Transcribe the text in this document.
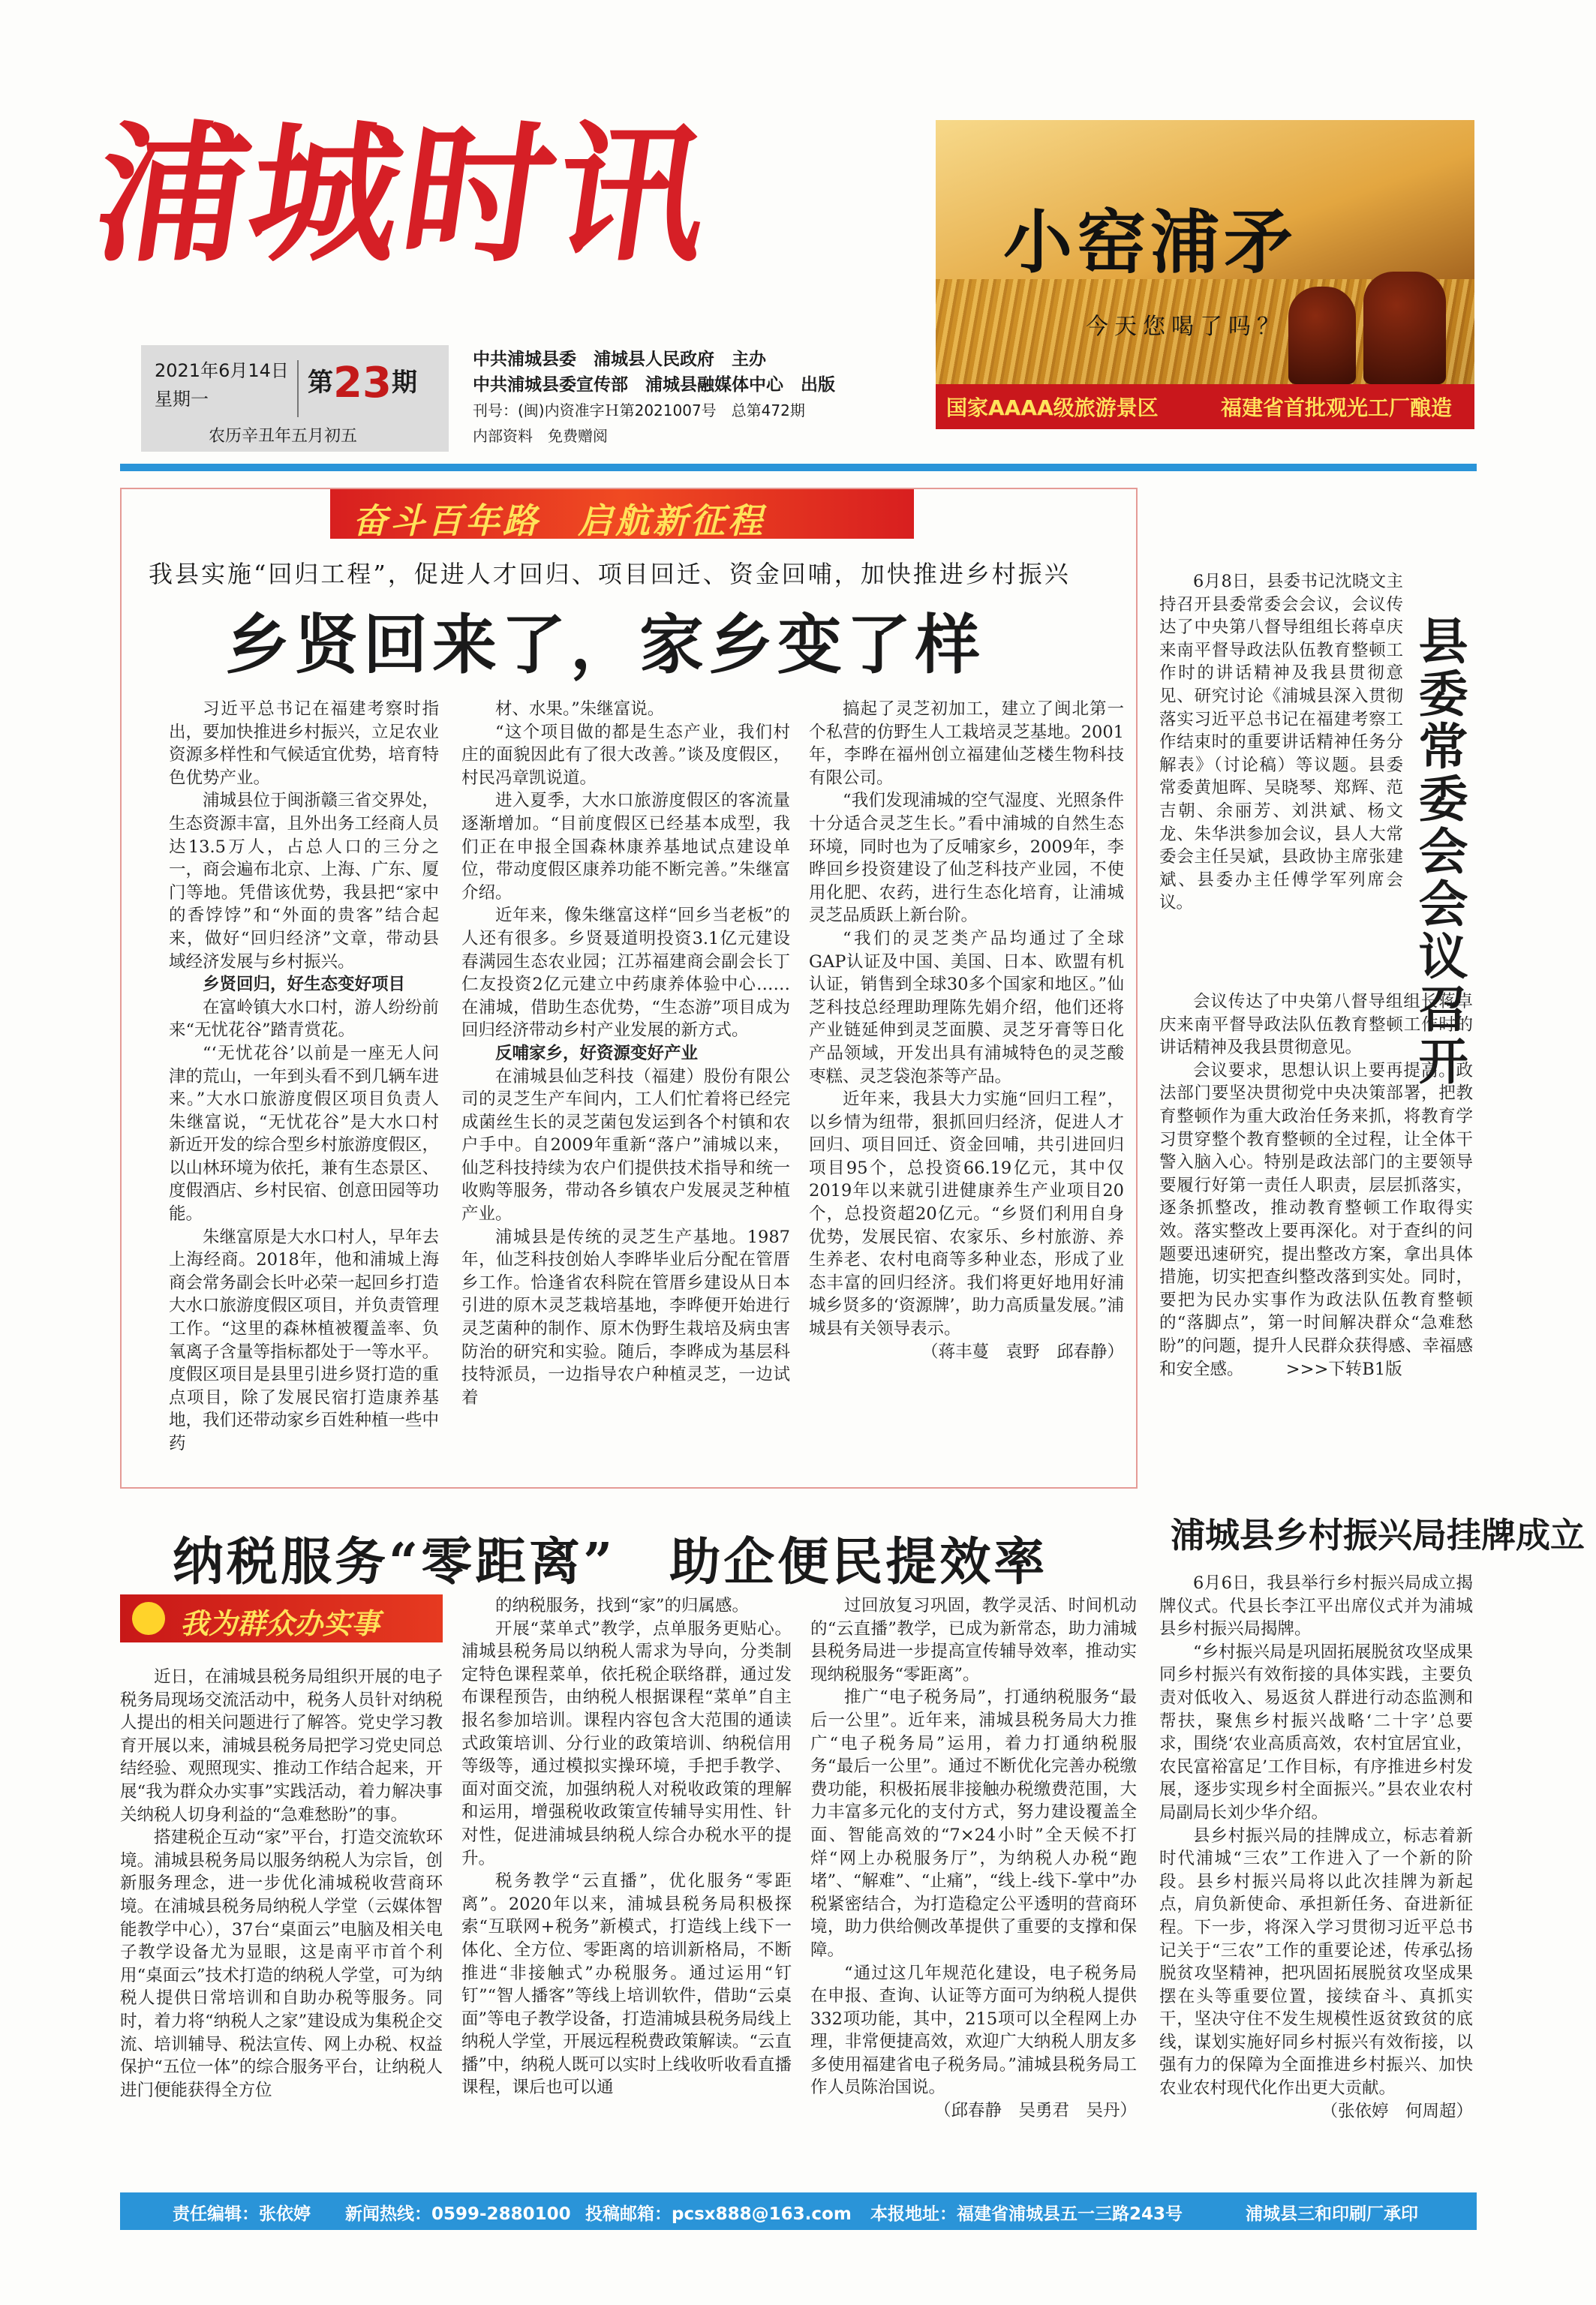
浦城时讯
2021年6月14日
星期一
第23期
农历辛丑年五月初五
中共浦城县委　浦城县人民政府　主办
中共浦城县委宣传部　浦城县融媒体中心　出版
刊号：(闽)内资准字Ｈ第2021007号　总第472期
内部资料　免费赠阅
小窑浦矛
今天您喝了吗？
国家AAAA级旅游景区	福建省首批观光工厂酿造
奋斗百年路　启航新征程
我县实施“回归工程”，促进人才回归、项目回迁、资金回哺，加快推进乡村振兴
乡贤回来了，家乡变了样

习近平总书记在福建考察时指出，要加快推进乡村振兴，立足农业资源多样性和气候适宜优势，培育特色优势产业。

浦城县位于闽浙赣三省交界处，生态资源丰富，且外出务工经商人员达13.5万人，占总人口的三分之一，商会遍布北京、上海、广东、厦门等地。凭借该优势，我县把“家中的香饽饽”和“外面的贵客”结合起来，做好“回归经济”文章，带动县域经济发展与乡村振兴。

乡贤回归，好生态变好项目

在富岭镇大水口村，游人纷纷前来“无忧花谷”踏青赏花。

“‘无忧花谷’以前是一座无人问津的荒山，一年到头看不到几辆车进来。”大水口旅游度假区项目负责人朱继富说，“无忧花谷”是大水口村新近开发的综合型乡村旅游度假区，以山林环境为依托，兼有生态景区、度假酒店、乡村民宿、创意田园等功能。

朱继富原是大水口村人，早年去上海经商。2018年，他和浦城上海商会常务副会长叶必荣一起回乡打造大水口旅游度假区项目，并负责管理工作。“这里的森林植被覆盖率、负氧离子含量等指标都处于一等水平。度假区项目是县里引进乡贤打造的重点项目，除了发展民宿打造康养基地，我们还带动家乡百姓种植一些中药

材、水果。”朱继富说。

“这个项目做的都是生态产业，我们村庄的面貌因此有了很大改善。”谈及度假区，村民冯章凯说道。

进入夏季，大水口旅游度假区的客流量逐渐增加。“目前度假区已经基本成型，我们正在申报全国森林康养基地试点建设单位，带动度假区康养功能不断完善。”朱继富介绍。

近年来，像朱继富这样“回乡当老板”的人还有很多。乡贤聂道明投资3.1亿元建设春满园生态农业园；江苏福建商会副会长丁仁友投资2亿元建立中药康养体验中心……在浦城，借助生态优势，“生态游”项目成为回归经济带动乡村产业发展的新方式。

反哺家乡，好资源变好产业

在浦城县仙芝科技（福建）股份有限公司的灵芝生产车间内，工人们忙着将已经完成菌丝生长的灵芝菌包发运到各个村镇和农户手中。自2009年重新“落户”浦城以来，仙芝科技持续为农户们提供技术指导和统一收购等服务，带动各乡镇农户发展灵芝种植产业。

浦城县是传统的灵芝生产基地。1987年，仙芝科技创始人李晔毕业后分配在管厝乡工作。恰逢省农科院在管厝乡建设从日本引进的原木灵芝栽培基地，李晔便开始进行灵芝菌种的制作、原木伪野生栽培及病虫害防治的研究和实验。随后，李晔成为基层科技特派员，一边指导农户种植灵芝，一边试着

搞起了灵芝初加工，建立了闽北第一个私营的仿野生人工栽培灵芝基地。2001年，李晔在福州创立福建仙芝楼生物科技有限公司。

“我们发现浦城的空气湿度、光照条件十分适合灵芝生长。”看中浦城的自然生态环境，同时也为了反哺家乡，2009年，李晔回乡投资建设了仙芝科技产业园，不使用化肥、农药，进行生态化培育，让浦城灵芝品质跃上新台阶。

“我们的灵芝类产品均通过了全球GAP认证及中国、美国、日本、欧盟有机认证，销售到全球30多个国家和地区。”仙芝科技总经理助理陈先娟介绍，他们还将产业链延伸到灵芝面膜、灵芝牙膏等日化产品领域，开发出具有浦城特色的灵芝酸枣糕、灵芝袋泡茶等产品。

近年来，我县大力实施“回归工程”，以乡情为纽带，狠抓回归经济，促进人才回归、项目回迁、资金回哺，共引进回归项目95个，总投资66.19亿元，其中仅2019年以来就引进健康养生产业项目20个，总投资超20亿元。“乡贤们利用自身优势，发展民宿、农家乐、乡村旅游、养生养老、农村电商等多种业态，形成了业态丰富的回归经济。我们将更好地用好浦城乡贤多的‘资源牌’，助力高质量发展。”浦城县有关领导表示。

（蒋丰蔓　袁野　邱春静）

县委常委会会议召开

6月8日，县委书记沈晓文主持召开县委常委会会议，会议传达了中央第八督导组组长蒋卓庆来南平督导政法队伍教育整顿工作时的讲话精神及我县贯彻意见、研究讨论《浦城县深入贯彻落实习近平总书记在福建考察工作结束时的重要讲话精神任务分解表》（讨论稿）等议题。县委常委黄旭晖、吴晓琴、郑辉、范吉朝、余丽芳、刘洪斌、杨文龙、朱华洪参加会议，县人大常委会主任吴斌，县政协主席张建斌、县委办主任傅学军列席会议。

会议传达了中央第八督导组组长蒋卓庆来南平督导政法队伍教育整顿工作时的讲话精神及我县贯彻意见。

会议要求，思想认识上要再提高。政法部门要坚决贯彻党中央决策部署，把教育整顿作为重大政治任务来抓，将教育学习贯穿整个教育整顿的全过程，让全体干警入脑入心。特别是政法部门的主要领导要履行好第一责任人职责，层层抓落实，逐条抓整改，推动教育整顿工作取得实效。落实整改上要再深化。对于查纠的问题要迅速研究，提出整改方案，拿出具体措施，切实把查纠整改落到实处。同时，要把为民办实事作为政法队伍教育整顿的“落脚点”，第一时间解决群众“急难愁盼”的问题，提升人民群众获得感、幸福感和安全感。　　　>>>下转B1版

纳税服务“零距离”　助企便民提效率
我为群众办实事

近日，在浦城县税务局组织开展的电子税务局现场交流活动中，税务人员针对纳税人提出的相关问题进行了解答。党史学习教育开展以来，浦城县税务局把学习党史同总结经验、观照现实、推动工作结合起来，开展“我为群众办实事”实践活动，着力解决事关纳税人切身利益的“急难愁盼”的事。

搭建税企互动“家”平台，打造交流软环境。浦城县税务局以服务纳税人为宗旨，创新服务理念，进一步优化浦城税收营商环境。在浦城县税务局纳税人学堂（云媒体智能教学中心），37台“桌面云”电脑及相关电子教学设备尤为显眼，这是南平市首个利用“桌面云”技术打造的纳税人学堂，可为纳税人提供日常培训和自助办税等服务。同时，着力将“纳税人之家”建设成为集税企交流、培训辅导、税法宣传、网上办税、权益保护“五位一体”的综合服务平台，让纳税人进门便能获得全方位

的纳税服务，找到“家”的归属感。

开展“菜单式”教学，点单服务更贴心。浦城县税务局以纳税人需求为导向，分类制定特色课程菜单，依托税企联络群，通过发布课程预告，由纳税人根据课程“菜单”自主报名参加培训。课程内容包含大范围的通读式政策培训、分行业的政策培训、纳税信用等级等，通过模拟实操环境，手把手教学、面对面交流，加强纳税人对税收政策的理解和运用，增强税收政策宣传辅导实用性、针对性，促进浦城县纳税人综合办税水平的提升。

税务教学“云直播”，优化服务“零距离”。2020年以来，浦城县税务局积极探索“互联网+税务”新模式，打造线上线下一体化、全方位、零距离的培训新格局，不断推进“非接触式”办税服务。通过运用“钉钉”“智人播客”等线上培训软件，借助“云桌面”等电子教学设备，打造浦城县税务局线上纳税人学堂，开展远程税费政策解读。“云直播”中，纳税人既可以实时上线收听收看直播课程，课后也可以通

过回放复习巩固，教学灵活、时间机动的“云直播”教学，已成为新常态，助力浦城县税务局进一步提高宣传辅导效率，推动实现纳税服务“零距离”。

推广“电子税务局”，打通纳税服务“最后一公里”。近年来，浦城县税务局大力推广“电子税务局”运用，着力打通纳税服务“最后一公里”。通过不断优化完善办税缴费功能，积极拓展非接触办税缴费范围，大力丰富多元化的支付方式，努力建设覆盖全面、智能高效的“7×24小时”全天候不打烊“网上办税服务厅”，为纳税人办税“跑堵”、“解难”、“止痛”，“线上-线下-掌中”办税紧密结合，为打造稳定公平透明的营商环境，助力供给侧改革提供了重要的支撑和保障。

“通过这几年规范化建设，电子税务局在申报、查询、认证等方面可为纳税人提供332项功能，其中，215项可以全程网上办理，非常便捷高效，欢迎广大纳税人朋友多多使用福建省电子税务局。”浦城县税务局工作人员陈治国说。

（邱春静　吴勇君　吴丹）

浦城县乡村振兴局挂牌成立

6月6日，我县举行乡村振兴局成立揭牌仪式。代县长李江平出席仪式并为浦城县乡村振兴局揭牌。

“乡村振兴局是巩固拓展脱贫攻坚成果同乡村振兴有效衔接的具体实践，主要负责对低收入、易返贫人群进行动态监测和帮扶，聚焦乡村振兴战略‘二十字’总要求，围绕‘农业高质高效，农村宜居宜业，农民富裕富足’工作目标，有序推进乡村发展，逐步实现乡村全面振兴。”县农业农村局副局长刘少华介绍。

县乡村振兴局的挂牌成立，标志着新时代浦城“三农”工作进入了一个新的阶段。县乡村振兴局将以此次挂牌为新起点，肩负新使命、承担新任务、奋进新征程。下一步，将深入学习贯彻习近平总书记关于“三农”工作的重要论述，传承弘扬脱贫攻坚精神，把巩固拓展脱贫攻坚成果摆在头等重要位置，接续奋斗、真抓实干，坚决守住不发生规模性返贫致贫的底线，谋划实施好同乡村振兴有效衔接，以强有力的保障为全面推进乡村振兴、加快农业农村现代化作出更大贡献。

（张依婷　何周超）

责任编辑：张依婷 新闻热线：0599-2880100 投稿邮箱：pcsx888@163.com 本报地址：福建省浦城县五一三路243号	浦城县三和印刷厂承印
